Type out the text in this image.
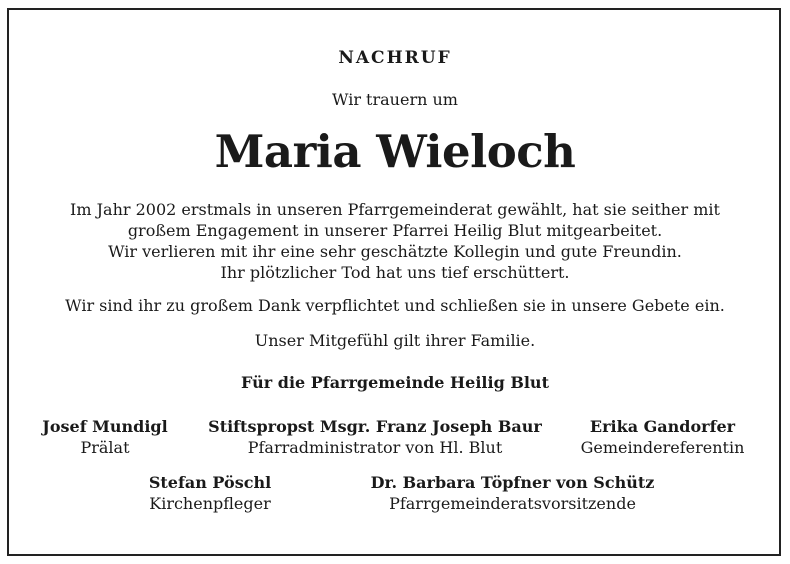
NACHRUF
Wir trauern um
Maria Wieloch
Im Jahr 2002 erstmals in unseren Pfarrgemeinderat gewählt, hat sie seither mit
großem Engagement in unserer Pfarrei Heilig Blut mitgearbeitet.
Wir verlieren mit ihr eine sehr geschätzte Kollegin und gute Freundin.
Ihr plötzlicher Tod hat uns tief erschüttert.
Wir sind ihr zu großem Dank verpflichtet und schließen sie in unsere Gebete ein.
Unser Mitgefühl gilt ihrer Familie.
Für die Pfarrgemeinde Heilig Blut
Josef Mundigl
Prälat
Stiftspropst Msgr. Franz Joseph Baur
Pfarradministrator von Hl. Blut
Erika Gandorfer
Gemeindereferentin
Stefan Pöschl
Kirchenpfleger
Dr. Barbara Töpfner von Schütz
Pfarrgemeinderatsvorsitzende
